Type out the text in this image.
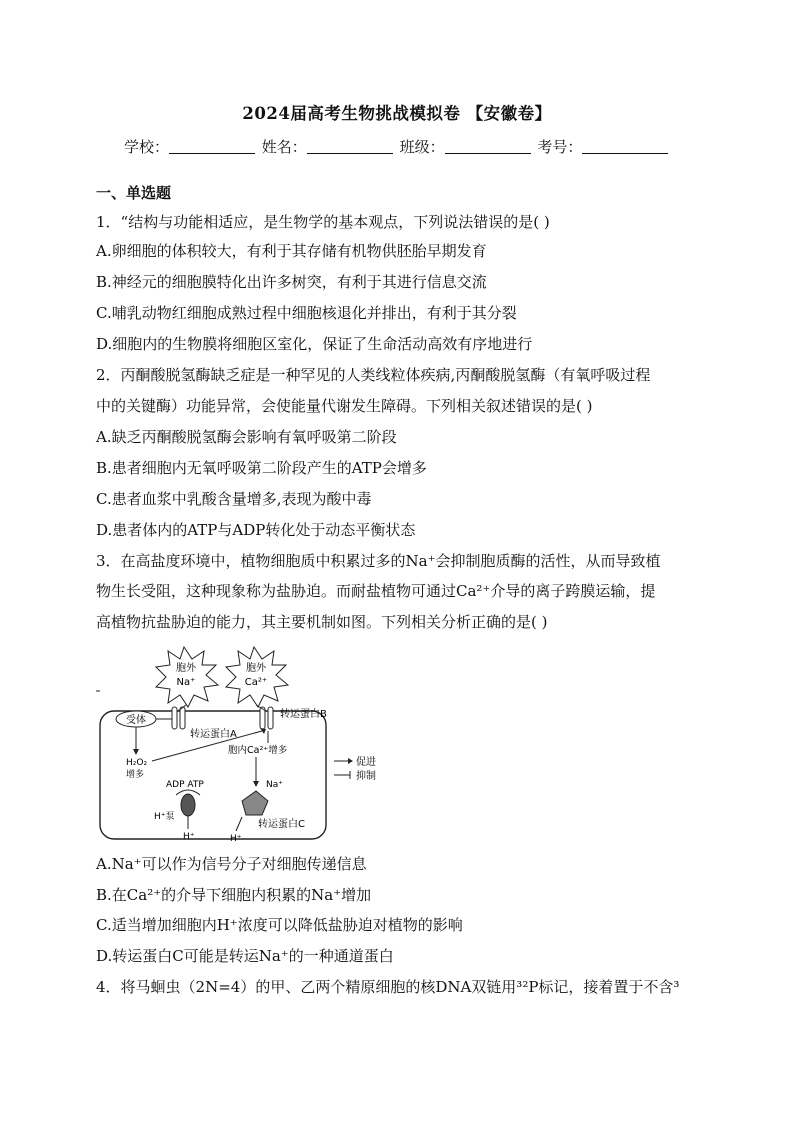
2024届高考生物挑战模拟卷 【安徽卷】
学校：	姓名：	班级：	考号：
一、单选题
1．“结构与功能相适应，是生物学的基本观点，下列说法错误的是( )
A.卵细胞的体积较大，有利于其存储有机物供胚胎早期发育
B.神经元的细胞膜特化出许多树突，有利于其进行信息交流
C.哺乳动物红细胞成熟过程中细胞核退化并排出，有利于其分裂
D.细胞内的生物膜将细胞区室化，保证了生命活动高效有序地进行
2．丙酮酸脱氢酶缺乏症是一种罕见的人类线粒体疾病,丙酮酸脱氢酶（有氧呼吸过程
中的关键酶）功能异常，会使能量代谢发生障碍。下列相关叙述错误的是( )
A.缺乏丙酮酸脱氢酶会影响有氧呼吸第二阶段
B.患者细胞内无氧呼吸第二阶段产生的ATP会增多
C.患者血浆中乳酸含量增多,表现为酸中毒
D.患者体内的ATP与ADP转化处于动态平衡状态
3．在高盐度环境中，植物细胞质中积累过多的Na⁺会抑制胞质酶的活性，从而导致植
物生长受阻，这种现象称为盐胁迫。而耐盐植物可通过Ca²⁺介导的离子跨膜运输，提
高植物抗盐胁迫的能力，其主要机制如图。下列相关分析正确的是( )
胞外
Na⁺
胞外
Ca²⁺
受体
转运蛋白A
转运蛋白B
H₂O₂
增多
胞内Ca²⁺增多
Na⁺
ADP ATP
H⁺泵
H⁺	H⁺
转运蛋白C
促进
抑制
A.Na⁺可以作为信号分子对细胞传递信息
B.在Ca²⁺的介导下细胞内积累的Na⁺增加
C.适当增加细胞内H⁺浓度可以降低盐胁迫对植物的影响
D.转运蛋白C可能是转运Na⁺的一种通道蛋白
4．将马蛔虫（2N=4）的甲、乙两个精原细胞的核DNA双链用³²P标记，接着置于不含³
